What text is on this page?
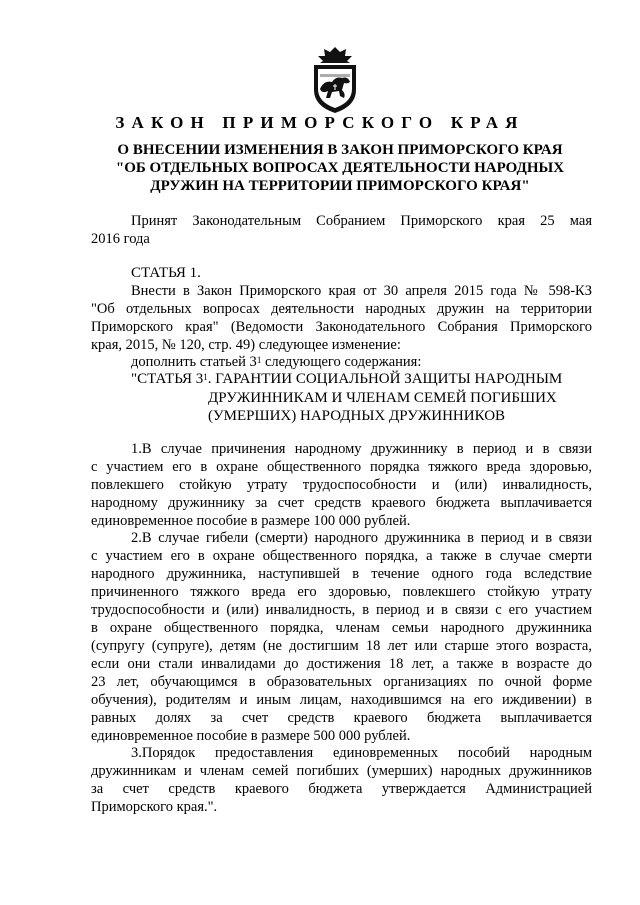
ЗАКОН ПРИМОРСКОГО КРАЯ
О ВНЕСЕНИИ ИЗМЕНЕНИЯ В ЗАКОН ПРИМОРСКОГО КРАЯ
"ОБ ОТДЕЛЬНЫХ ВОПРОСАХ ДЕЯТЕЛЬНОСТИ НАРОДНЫХ
ДРУЖИН НА ТЕРРИТОРИИ ПРИМОРСКОГО КРАЯ"
Принят Законодательным Собранием Приморского края 25 мая
2016 года
СТАТЬЯ 1.
Внести в Закон Приморского края от 30 апреля 2015 года № 598-КЗ
"Об отдельных вопросах деятельности народных дружин на территории
Приморского края" (Ведомости Законодательного Собрания Приморского
края, 2015, № 120, стр. 49) следующее изменение:
дополнить статьей $3^1$ следующего содержания:
"СТАТЬЯ $3^1$. ГАРАНТИИ СОЦИАЛЬНОЙ ЗАЩИТЫ НАРОДНЫМ
ДРУЖИННИКАМ И ЧЛЕНАМ СЕМЕЙ ПОГИБШИХ
(УМЕРШИХ) НАРОДНЫХ ДРУЖИННИКОВ
1.В случае причинения народному дружиннику в период и в связи
с участием его в охране общественного порядка тяжкого вреда здоровью,
повлекшего стойкую утрату трудоспособности и (или) инвалидность,
народному дружиннику за счет средств краевого бюджета выплачивается
единовременное пособие в размере 100 000 рублей.
2.В случае гибели (смерти) народного дружинника в период и в связи
с участием его в охране общественного порядка, а также в случае смерти
народного дружинника, наступившей в течение одного года вследствие
причиненного тяжкого вреда его здоровью, повлекшего стойкую утрату
трудоспособности и (или) инвалидность, в период и в связи с его участием
в охране общественного порядка, членам семьи народного дружинника
(супругу (супруге), детям (не достигшим 18 лет или старше этого возраста,
если они стали инвалидами до достижения 18 лет, а также в возрасте до
23 лет, обучающимся в образовательных организациях по очной форме
обучения), родителям и иным лицам, находившимся на его иждивении) в
равных долях за счет средств краевого бюджета выплачивается
единовременное пособие в размере 500 000 рублей.
3.Порядок предоставления единовременных пособий народным
дружинникам и членам семей погибших (умерших) народных дружинников
за счет средств краевого бюджета утверждается Администрацией
Приморского края.".
